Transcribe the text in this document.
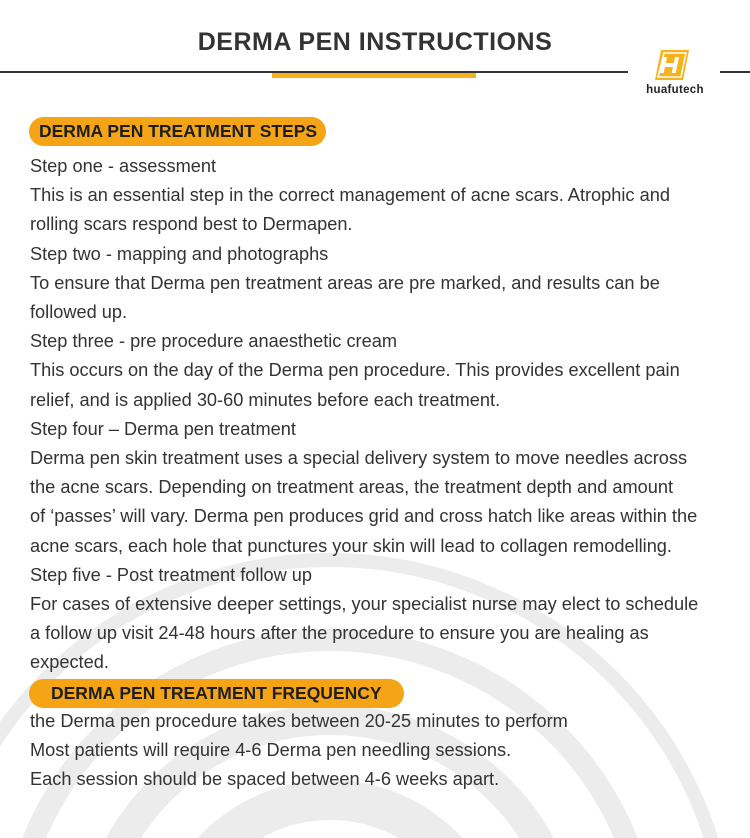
DERMA PEN INSTRUCTIONS
huafutech
DERMA PEN TREATMENT STEPS

Step one - assessment

This is an essential step in the correct management of acne scars. Atrophic and

rolling scars respond best to Dermapen.

Step two - mapping and photographs

To ensure that Derma pen treatment areas are pre marked, and results can be

followed up.

Step three - pre procedure anaesthetic cream

This occurs on the day of the Derma pen procedure. This provides excellent pain

relief, and is applied 30-60 minutes before each treatment.

Step four – Derma pen treatment

Derma pen skin treatment uses a special delivery system to move needles across

the acne scars. Depending on treatment areas, the treatment depth and amount

of ‘passes’ will vary. Derma pen produces grid and cross hatch like areas within the

acne scars, each hole that punctures your skin will lead to collagen remodelling.

Step five - Post treatment follow up

For cases of extensive deeper settings, your specialist nurse may elect to schedule

a follow up visit 24-48 hours after the procedure to ensure you are healing as

expected.

DERMA PEN TREATMENT FREQUENCY

the Derma pen procedure takes between 20-25 minutes to perform

Most patients will require 4-6 Derma pen needling sessions.

Each session should be spaced between 4-6 weeks apart.
